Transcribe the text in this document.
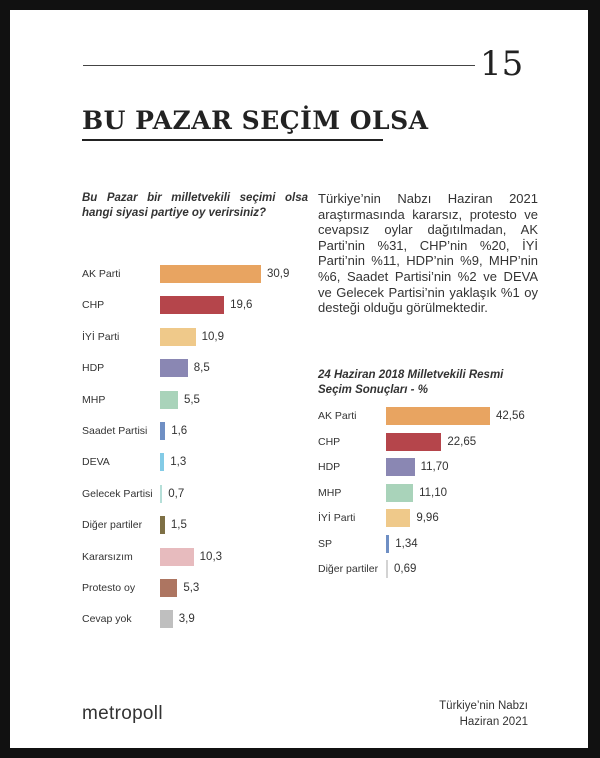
15
BU PAZAR SEÇİM OLSA
Bu Pazar bir milletvekili seçimi olsa hangi siyasi partiye oy verirsiniz?
Türkiye’nin Nabzı Haziran 2021 araştırmasında kararsız, protesto ve cevapsız oylar dağıtılmadan, AK Parti’nin %31, CHP’nin %20, İYİ Parti’nin %11, HDP’nin %9, MHP’nin %6, Saadet Partisi’nin %2 ve DEVA ve Gelecek Partisi’nin yaklaşık %1 oy desteği olduğu görülmektedir.
24 Haziran 2018 Milletvekili Resmi Seçim Sonuçları - %
AK Parti	30,9
CHP	19,6
İYİ Parti	10,9
HDP	8,5
MHP	5,5
Saadet Partisi 1,6
DEVA	1,3
Gelecek Partisi 0,7
Diğer partiler	1,5
Kararsızım	10,3
Protesto oy	5,3
Cevap yok	3,9
AK Parti	42,56
CHP	22,65
HDP	11,70
MHP	11,10
İYİ Parti	9,96
SP	1,34
Diğer partiler 0,69
metropoll	Türkiye’nin Nabzı
Haziran 2021
